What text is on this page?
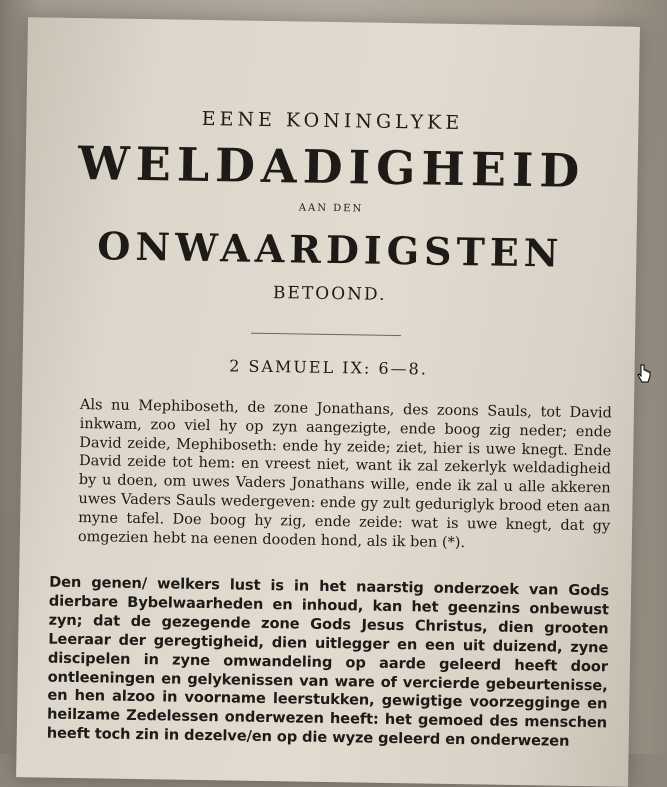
EENE KONINGLYKE
WELDADIGHEID
AAN DEN
ONWAARDIGSTEN
BETOOND.
2 SAMUEL IX: 6—8.

Als nu Mephiboseth, de zone Jonathans, des zoons Sauls, tot David inkwam, zoo viel hy op zyn aangezigte, ende boog zig neder; ende David zeide, Mephiboseth: ende hy zeide; ziet, hier is uwe knegt. Ende David zeide tot hem: en vreest niet, want ik zal zekerlyk weldadigheid by u doen, om uwes Vaders Jonathans wille, ende ik zal u alle akkeren uwes Vaders Sauls wedergeven: ende gy zult geduriglyk brood eten aan myne tafel. Doe boog hy zig, ende zeide: wat is uwe knegt, dat gy omgezien hebt na eenen dooden hond, als ik ben (*).

Den genen/ welkers lust is in het naarstig onderzoek van Gods dierbare Bybelwaarheden en inhoud, kan het geenzins onbewust zyn; dat de gezegende zone Gods Jesus Christus, dien grooten Leeraar der geregtigheid, dien uitlegger en een uit duizend, zyne discipelen in zyne omwandeling op aarde geleerd heeft door ontleeningen en gelykenissen van ware of vercierde gebeurtenisse, en hen alzoo in voorname leerstukken, gewigtige voorzegginge en heilzame Zedelessen onderwezen heeft: het gemoed des menschen heeft toch zin in dezelve/en op die wyze geleerd en onderwezen
